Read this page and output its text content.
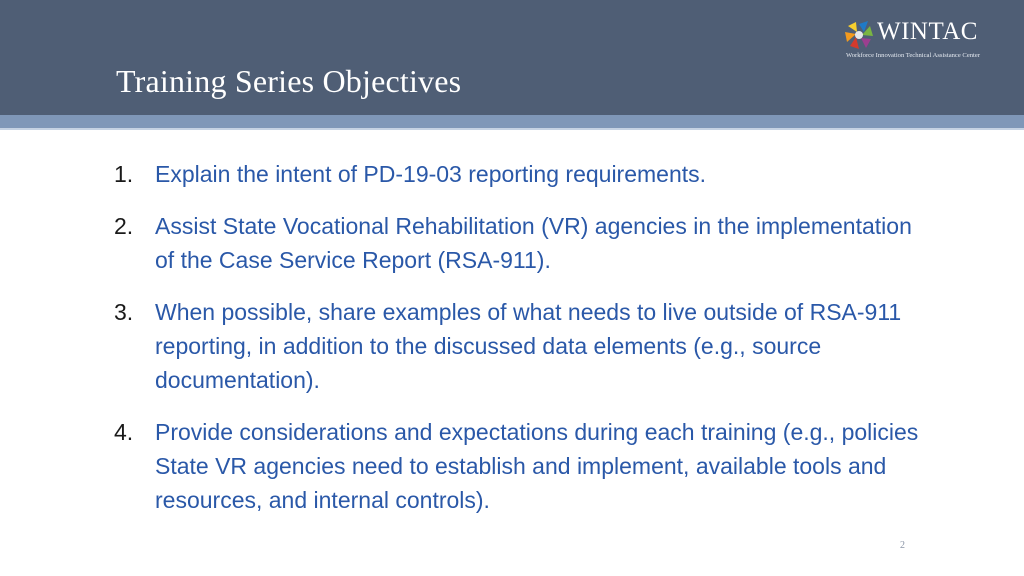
Training Series Objectives
WINTAC
Workforce Innovation Technical Assistance Center
1. Explain the intent of PD-19-03 reporting requirements.
2. Assist State Vocational Rehabilitation (VR) agencies in the implementation of the Case Service Report (RSA-911).
3. When possible, share examples of what needs to live outside of RSA-911 reporting, in addition to the discussed data elements (e.g., source documentation).
4. Provide considerations and expectations during each training (e.g., policies State VR agencies need to establish and implement, available tools and resources, and internal controls).
2
